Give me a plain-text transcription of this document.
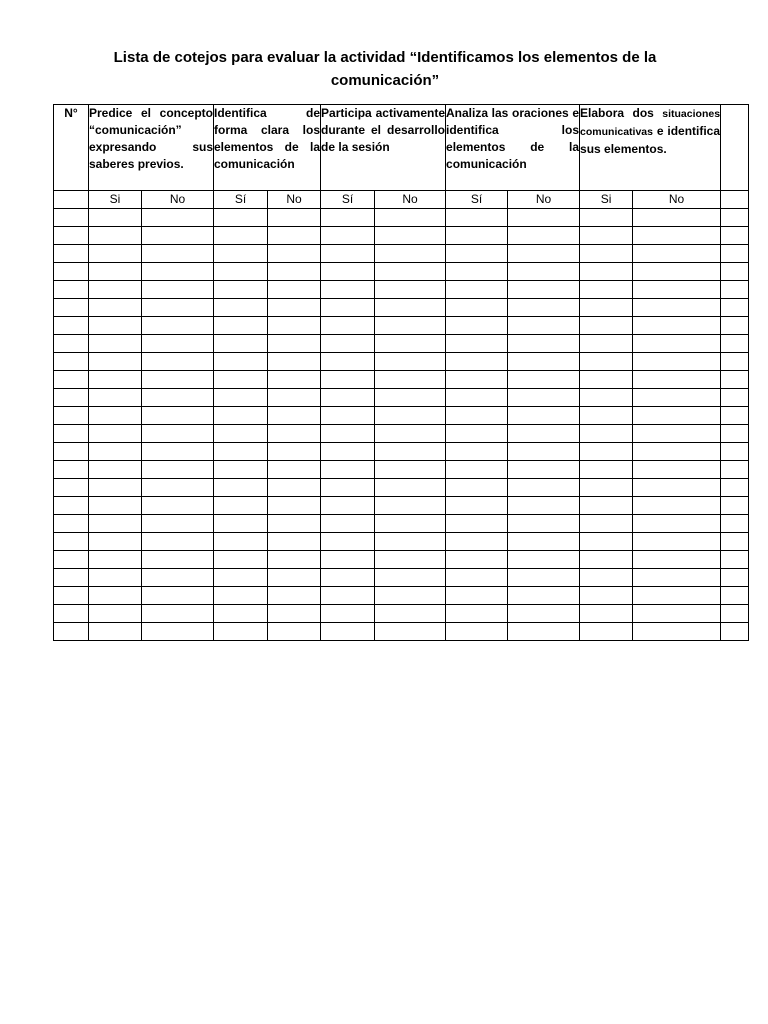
Lista de cotejos para evaluar la actividad “Identificamos los elementos de la comunicación”
N°	Predice el concepto “comunicación” expresando sus saberes previos.		Identifica de forma clara los elementos de la comunicación		Participa activamente durante el desarrollo de la sesión		Analiza las oraciones e identifica los elementos de la comunicación		Elabora dos situaciones comunicativas e identifica sus elementos.		
	Si	No	Sí	No	Sí	No	Sí	No	Si	No	
